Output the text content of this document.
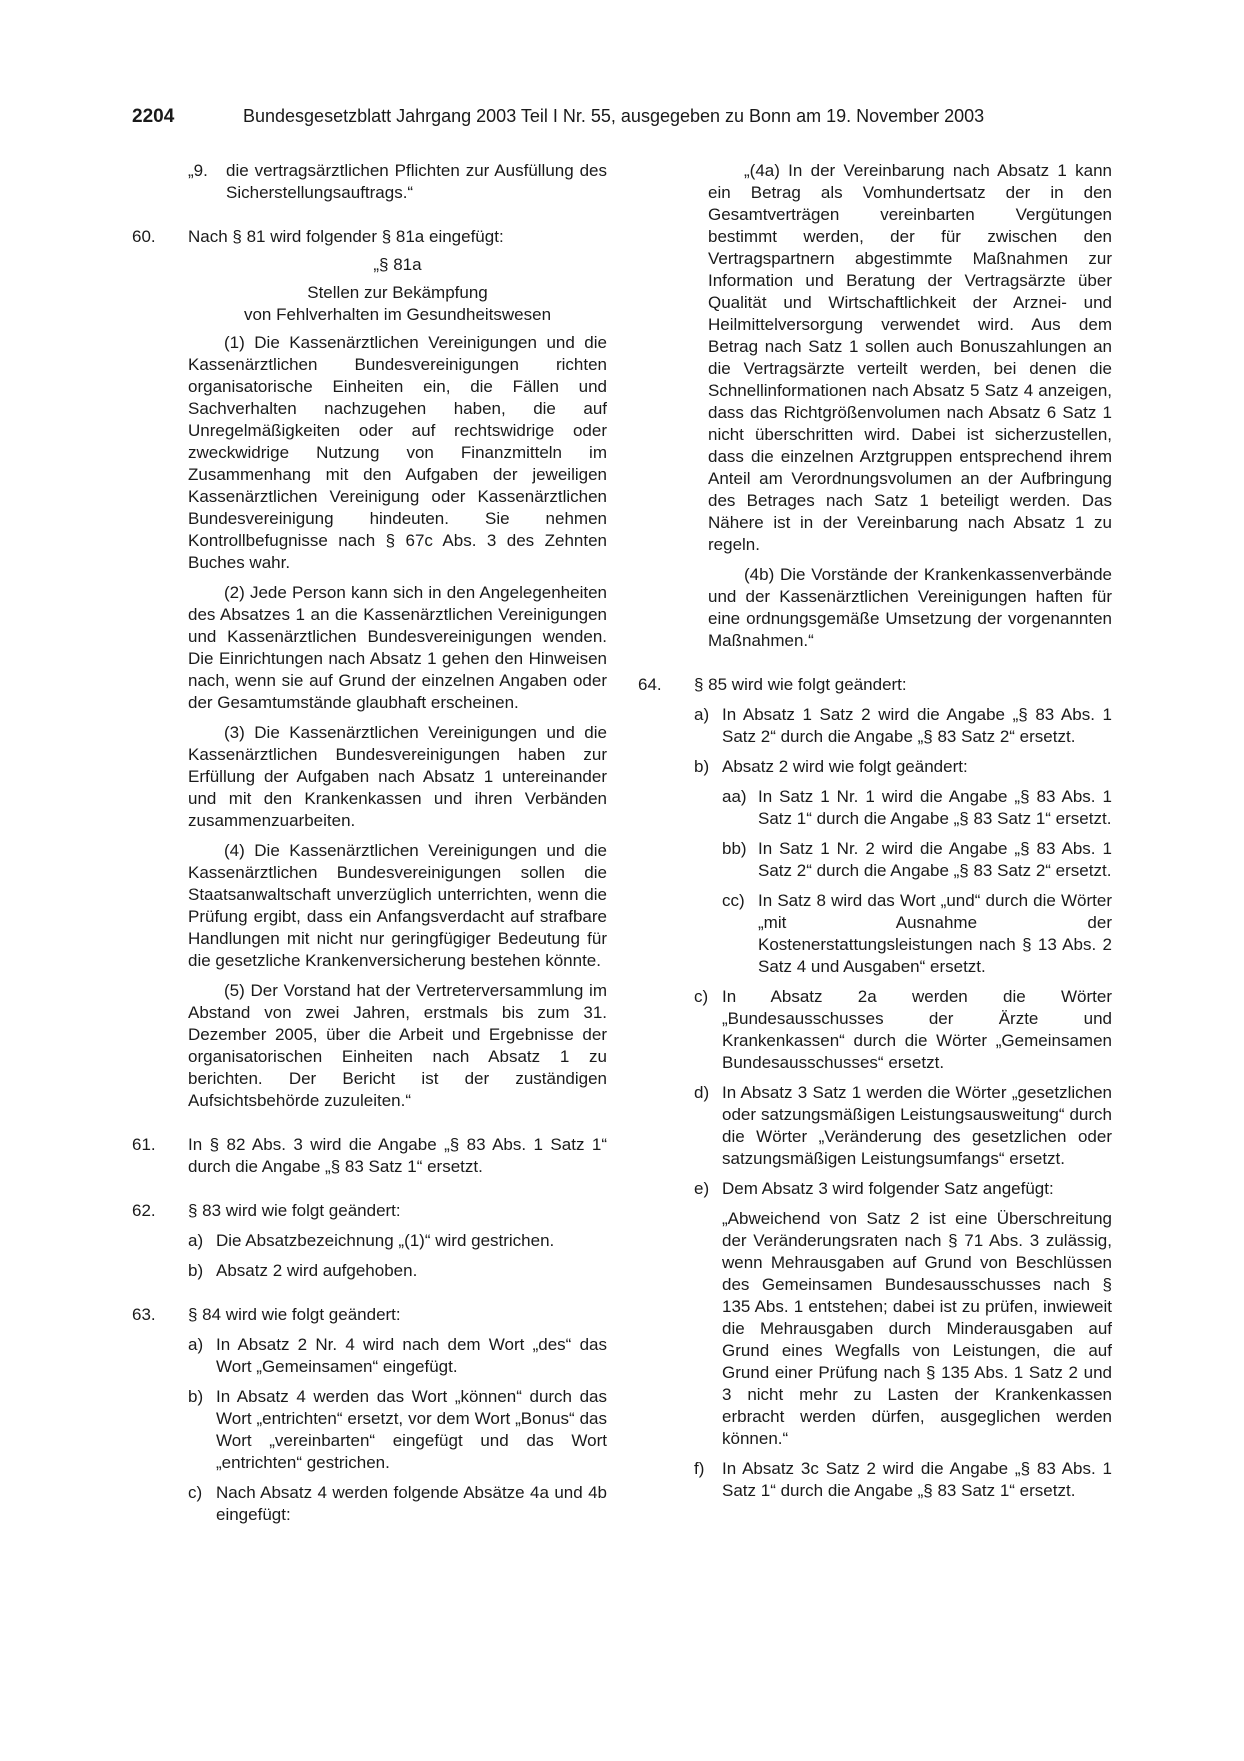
2204	Bundesgesetzblatt Jahrgang 2003 Teil I Nr. 55, ausgegeben zu Bonn am 19. November 2003
„9. die vertragsärztlichen Pflichten zur Ausfüllung des Sicherstellungsauftrags.“

60. Nach § 81 wird folgender § 81a eingefügt:

„§ 81a

Stellen zur Bekämpfung

von Fehlverhalten im Gesundheitswesen

(1) Die Kassenärztlichen Vereinigungen und die Kassenärztlichen Bundesvereinigungen richten organisatorische Einheiten ein, die Fällen und Sachverhalten nachzugehen haben, die auf Unregelmäßigkeiten oder auf rechtswidrige oder zweckwidrige Nutzung von Finanzmitteln im Zusammenhang mit den Aufgaben der jeweiligen Kassenärztlichen Vereinigung oder Kassenärztlichen Bundesvereinigung hindeuten. Sie nehmen Kontrollbefugnisse nach § 67c Abs. 3 des Zehnten Buches wahr.

(2) Jede Person kann sich in den Angelegenheiten des Absatzes 1 an die Kassenärztlichen Vereinigungen und Kassenärztlichen Bundesvereinigungen wenden. Die Einrichtungen nach Absatz 1 gehen den Hinweisen nach, wenn sie auf Grund der einzelnen Angaben oder der Gesamtumstände glaubhaft erscheinen.

(3) Die Kassenärztlichen Vereinigungen und die Kassenärztlichen Bundesvereinigungen haben zur Erfüllung der Aufgaben nach Absatz 1 untereinander und mit den Krankenkassen und ihren Verbänden zusammenzuarbeiten.

(4) Die Kassenärztlichen Vereinigungen und die Kassenärztlichen Bundesvereinigungen sollen die Staatsanwaltschaft unverzüglich unterrichten, wenn die Prüfung ergibt, dass ein Anfangsverdacht auf strafbare Handlungen mit nicht nur geringfügiger Bedeutung für die gesetzliche Krankenversicherung bestehen könnte.

(5) Der Vorstand hat der Vertreterversammlung im Abstand von zwei Jahren, erstmals bis zum 31. Dezember 2005, über die Arbeit und Ergebnisse der organisatorischen Einheiten nach Absatz 1 zu berichten. Der Bericht ist der zuständigen Aufsichtsbehörde zuzuleiten.“

61. In § 82 Abs. 3 wird die Angabe „§ 83 Abs. 1 Satz 1“ durch die Angabe „§ 83 Satz 1“ ersetzt.

62. § 83 wird wie folgt geändert:

a) Die Absatzbezeichnung „(1)“ wird gestrichen.

b) Absatz 2 wird aufgehoben.

63. § 84 wird wie folgt geändert:

a) In Absatz 2 Nr. 4 wird nach dem Wort „des“ das Wort „Gemeinsamen“ eingefügt.

b) In Absatz 4 werden das Wort „können“ durch das Wort „entrichten“ ersetzt, vor dem Wort „Bonus“ das Wort „vereinbarten“ eingefügt und das Wort „entrichten“ gestrichen.

c) Nach Absatz 4 werden folgende Absätze 4a und 4b eingefügt:

„(4a) In der Vereinbarung nach Absatz 1 kann ein Betrag als Vomhundertsatz der in den Gesamtverträgen vereinbarten Vergütungen bestimmt werden, der für zwischen den Vertragspartnern abgestimmte Maßnahmen zur Information und Beratung der Vertragsärzte über Qualität und Wirtschaftlichkeit der Arznei- und Heilmittelversorgung verwendet wird. Aus dem Betrag nach Satz 1 sollen auch Bonuszahlungen an die Vertragsärzte verteilt werden, bei denen die Schnellinformationen nach Absatz 5 Satz 4 anzeigen, dass das Richtgrößenvolumen nach Absatz 6 Satz 1 nicht überschritten wird. Dabei ist sicherzustellen, dass die einzelnen Arztgruppen entsprechend ihrem Anteil am Verordnungsvolumen an der Aufbringung des Betrages nach Satz 1 beteiligt werden. Das Nähere ist in der Vereinbarung nach Absatz 1 zu regeln.

(4b) Die Vorstände der Krankenkassenverbände und der Kassenärztlichen Vereinigungen haften für eine ordnungsgemäße Umsetzung der vorgenannten Maßnahmen.“

64. § 85 wird wie folgt geändert:

a) In Absatz 1 Satz 2 wird die Angabe „§ 83 Abs. 1 Satz 2“ durch die Angabe „§ 83 Satz 2“ ersetzt.

b) Absatz 2 wird wie folgt geändert:

aa) In Satz 1 Nr. 1 wird die Angabe „§ 83 Abs. 1 Satz 1“ durch die Angabe „§ 83 Satz 1“ ersetzt.

bb) In Satz 1 Nr. 2 wird die Angabe „§ 83 Abs. 1 Satz 2“ durch die Angabe „§ 83 Satz 2“ ersetzt.

cc) In Satz 8 wird das Wort „und“ durch die Wörter „mit Ausnahme der Kostenerstattungsleistungen nach § 13 Abs. 2 Satz 4 und Ausgaben“ ersetzt.

c) In Absatz 2a werden die Wörter „Bundesausschusses der Ärzte und Krankenkassen“ durch die Wörter „Gemeinsamen Bundesausschusses“ ersetzt.

d) In Absatz 3 Satz 1 werden die Wörter „gesetzlichen oder satzungsmäßigen Leistungsausweitung“ durch die Wörter „Veränderung des gesetzlichen oder satzungsmäßigen Leistungsumfangs“ ersetzt.

e) Dem Absatz 3 wird folgender Satz angefügt:

„Abweichend von Satz 2 ist eine Überschreitung der Veränderungsraten nach § 71 Abs. 3 zulässig, wenn Mehrausgaben auf Grund von Beschlüssen des Gemeinsamen Bundesausschusses nach § 135 Abs. 1 entstehen; dabei ist zu prüfen, inwieweit die Mehrausgaben durch Minderausgaben auf Grund eines Wegfalls von Leistungen, die auf Grund einer Prüfung nach § 135 Abs. 1 Satz 2 und 3 nicht mehr zu Lasten der Krankenkassen erbracht werden dürfen, ausgeglichen werden können.“

f) In Absatz 3c Satz 2 wird die Angabe „§ 83 Abs. 1 Satz 1“ durch die Angabe „§ 83 Satz 1“ ersetzt.
